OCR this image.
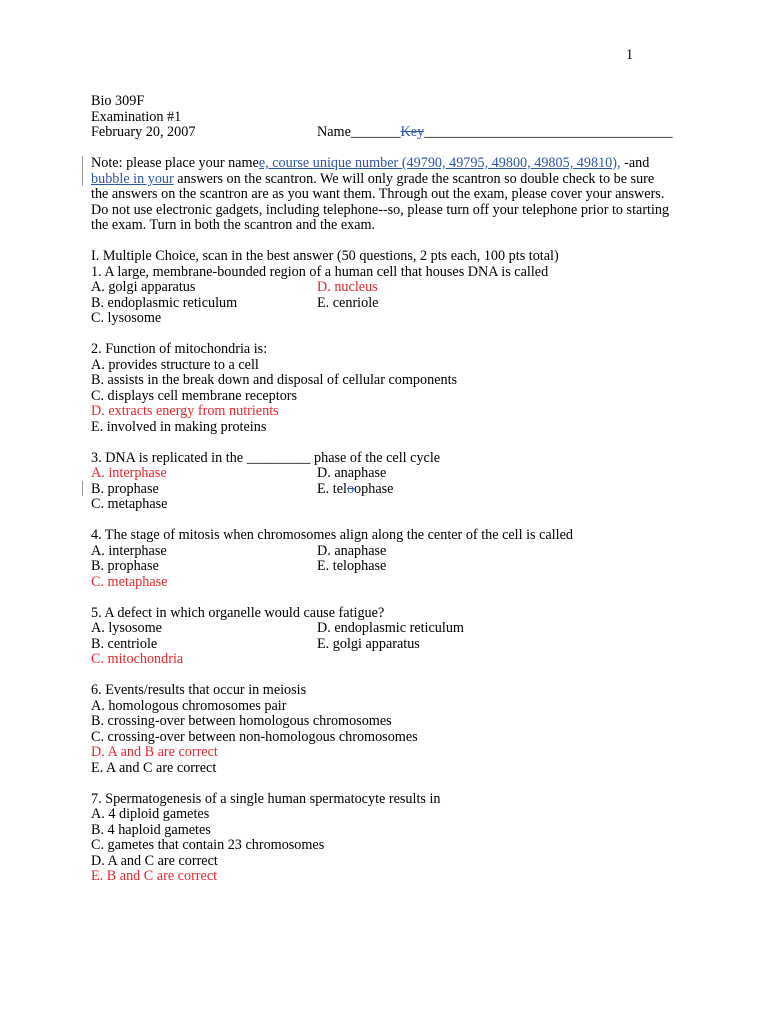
1
Bio 309F
Examination #1
February 20, 2007	Name_______Key___________________________________
Note: please place your namee, course unique number (49790, 49795, 49800, 49805, 49810), -and
bubble in your answers on the scantron. We will only grade the scantron so double check to be sure
the answers on the scantron are as you want them. Through out the exam, please cover your answers.
Do not use electronic gadgets, including telephone--so, please turn off your telephone prior to starting
the exam. Turn in both the scantron and the exam.
I. Multiple Choice, scan in the best answer (50 questions, 2 pts each, 100 pts total)
1. A large, membrane-bounded region of a human cell that houses DNA is called
A. golgi apparatus
B. endoplasmic reticulum
C. lysosome
D. nucleus
E. cenriole
2. Function of mitochondria is:
A. provides structure to a cell
B. assists in the break down and disposal of cellular components
C. displays cell membrane receptors
D. extracts energy from nutrients
E. involved in making proteins
3. DNA is replicated in the _________ phase of the cell cycle
A. interphase
B. prophase
C. metaphase
D. anaphase
E. teloophase
4. The stage of mitosis when chromosomes align along the center of the cell is called
A. interphase
B. prophase
C. metaphase
D. anaphase
E. telophase
5. A defect in which organelle would cause fatigue?
A. lysosome
B. centriole
C. mitochondria
D. endoplasmic reticulum
E. golgi apparatus
6. Events/results that occur in meiosis
A. homologous chromosomes pair
B. crossing-over between homologous chromosomes
C. crossing-over between non-homologous chromosomes
D. A and B are correct
E. A and C are correct
7. Spermatogenesis of a single human spermatocyte results in
A. 4 diploid gametes
B. 4 haploid gametes
C. gametes that contain 23 chromosomes
D. A and C are correct
E. B and C are correct
